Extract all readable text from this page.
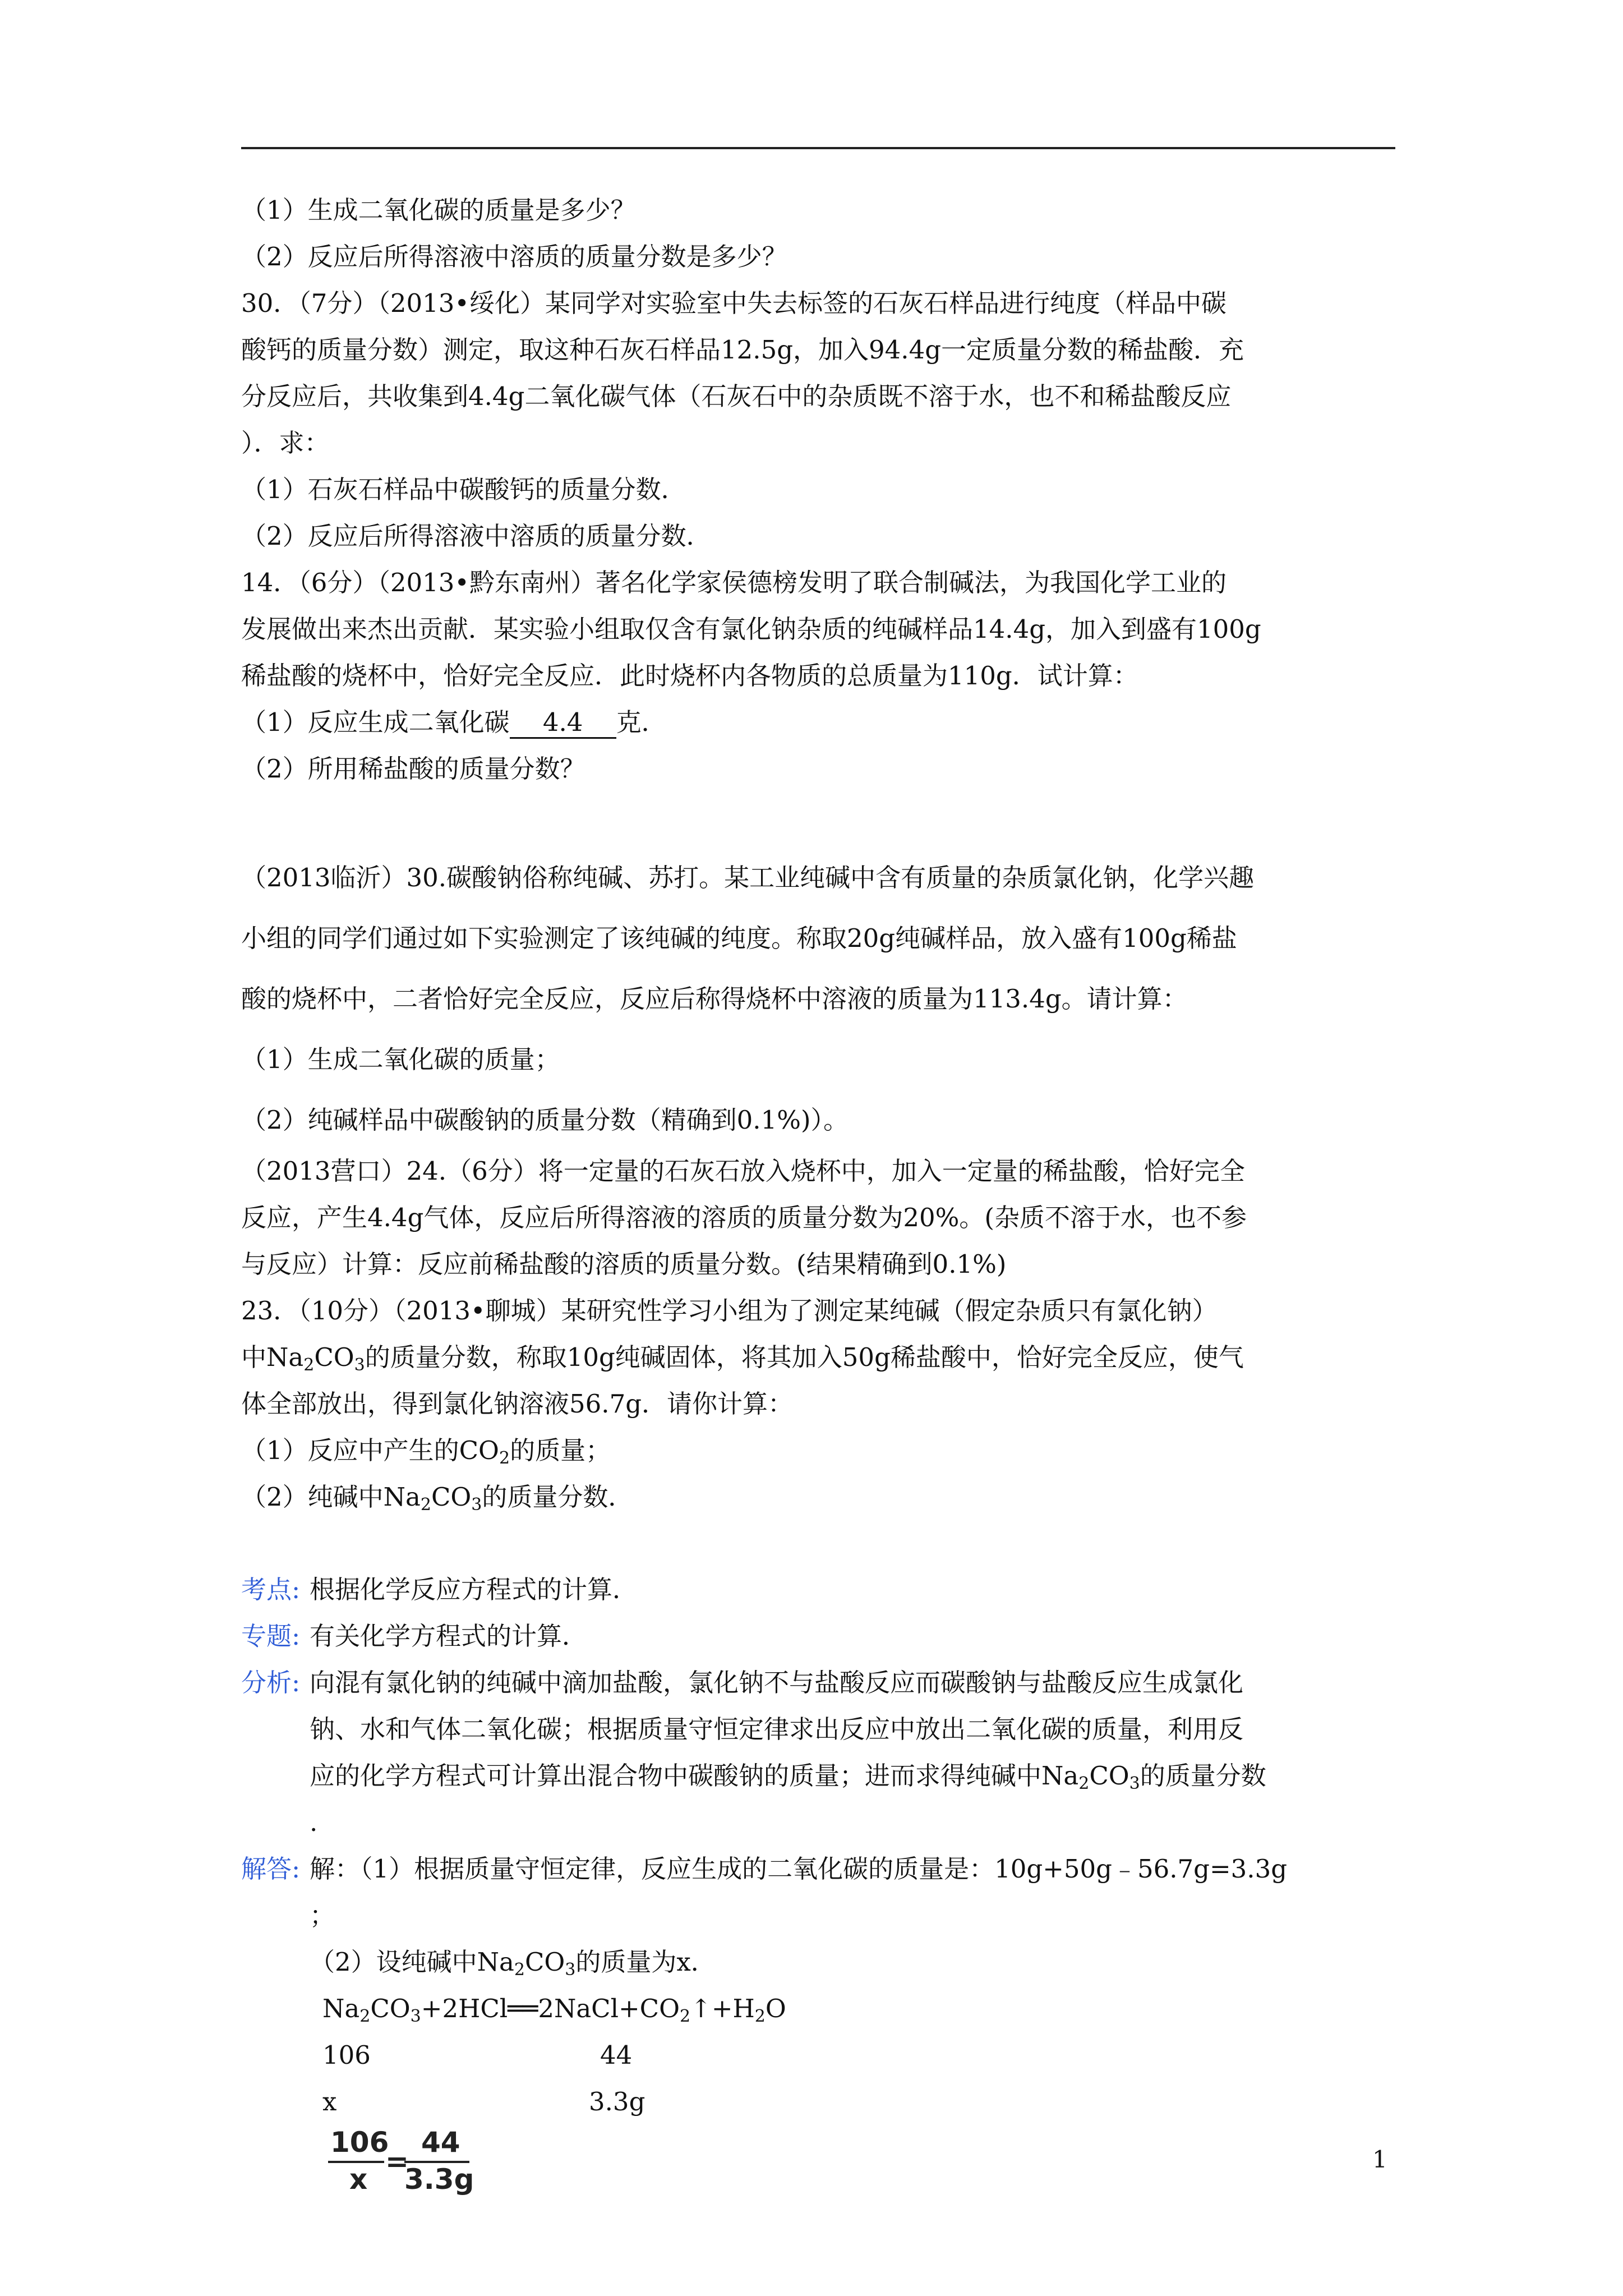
（1）生成二氧化碳的质量是多少？
（2）反应后所得溶液中溶质的质量分数是多少？
30．（7分）（2013•绥化）某同学对实验室中失去标签的石灰石样品进行纯度（样品中碳
酸钙的质量分数）测定，取这种石灰石样品12.5g，加入94.4g一定质量分数的稀盐酸．充
分反应后，共收集到4.4g二氧化碳气体（石灰石中的杂质既不溶于水，也不和稀盐酸反应
）．求：
（1）石灰石样品中碳酸钙的质量分数．
（2）反应后所得溶液中溶质的质量分数．
14．（6分）（2013•黔东南州）著名化学家侯德榜发明了联合制碱法，为我国化学工业的
发展做出来杰出贡献．某实验小组取仅含有氯化钠杂质的纯碱样品14.4g，加入到盛有100g
稀盐酸的烧杯中，恰好完全反应．此时烧杯内各物质的总质量为110g．试计算：
（1）反应生成二氧化碳 4.4 克．
（2）所用稀盐酸的质量分数？
（2013临沂）30.碳酸钠俗称纯碱、苏打。某工业纯碱中含有质量的杂质氯化钠，化学兴趣
小组的同学们通过如下实验测定了该纯碱的纯度。称取20g纯碱样品，放入盛有100g稀盐
酸的烧杯中，二者恰好完全反应，反应后称得烧杯中溶液的质量为113.4g。请计算：
（1）生成二氧化碳的质量；
（2）纯碱样品中碳酸钠的质量分数（精确到0.1%)）。
（2013营口）24.（6分）将一定量的石灰石放入烧杯中，加入一定量的稀盐酸，恰好完全
反应，产生4.4g气体，反应后所得溶液的溶质的质量分数为20%。(杂质不溶于水，也不参
与反应）计算：反应前稀盐酸的溶质的质量分数。(结果精确到0.1%)
23．（10分）（2013•聊城）某研究性学习小组为了测定某纯碱（假定杂质只有氯化钠）
中$Na_2CO_3$的质量分数，称取10g纯碱固体，将其加入50g稀盐酸中，恰好完全反应，使气
体全部放出，得到氯化钠溶液56.7g．请你计算：
（1）反应中产生的$CO_2$的质量；
（2）纯碱中$Na_2CO_3$的质量分数．
考点: 根据化学反应方程式的计算．
专题: 有关化学方程式的计算．
分析: 向混有氯化钠的纯碱中滴加盐酸，氯化钠不与盐酸反应而碳酸钠与盐酸反应生成氯化
钠、水和气体二氧化碳；根据质量守恒定律求出反应中放出二氧化碳的质量，利用反
应的化学方程式可计算出混合物中碳酸钠的质量；进而求得纯碱中$Na_2CO_3$的质量分数
.
解答: 解：（1）根据质量守恒定律，反应生成的二氧化碳的质量是：10g+50g﹣56.7g=3.3g
；
（2）设纯碱中$Na_2CO_3$的质量为x．
$Na_2CO_3+2HCl══2NaCl+CO_2↑+H_2O$
106	44
x	3.3g
106
x
=
44
3.3g
1
